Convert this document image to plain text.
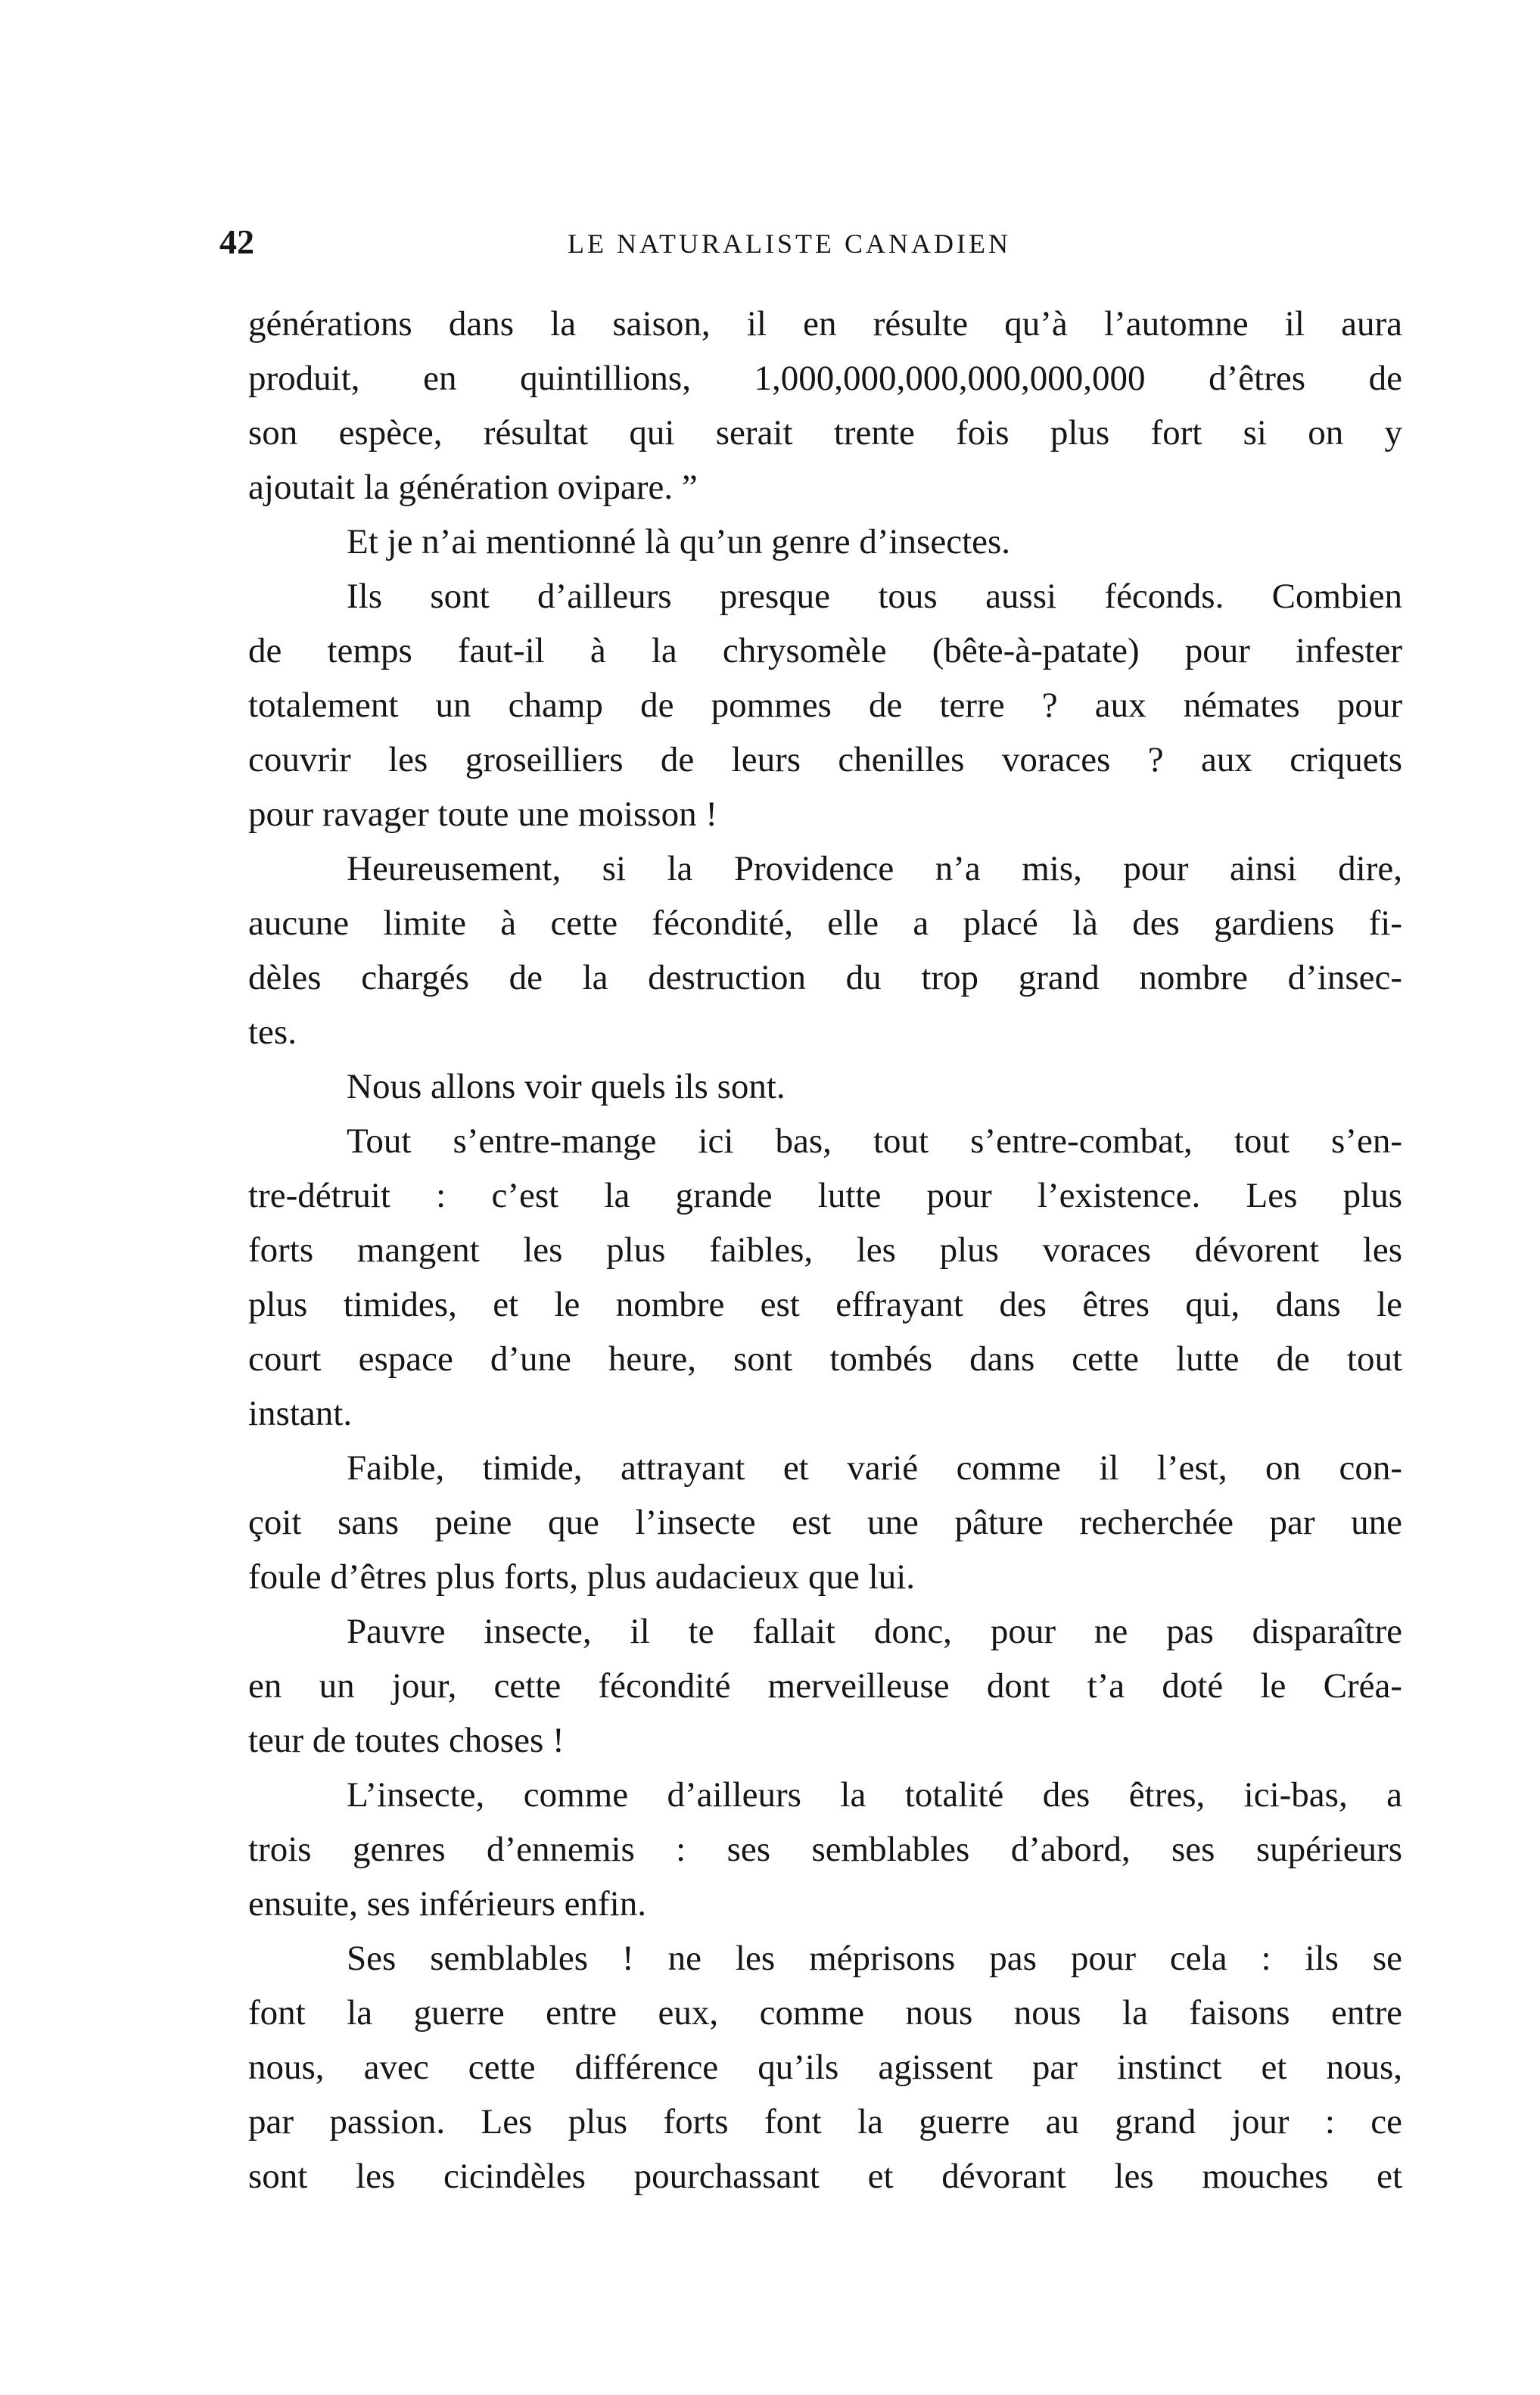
42	LE NATURALISTE CANADIEN
générations dans la saison, il en résulte qu’à l’automne il aura
produit, en quintillions, 1,000,000,000,000,000,000 d’êtres de
son espèce, résultat qui serait trente fois plus fort si on y
ajoutait la génération ovipare. ”
Et je n’ai mentionné là qu’un genre d’insectes.
Ils sont d’ailleurs presque tous aussi féconds. Combien
de temps faut-il à la chrysomèle (bête-à-patate) pour infester
totalement un champ de pommes de terre ? aux némates pour
couvrir les groseilliers de leurs chenilles voraces ? aux criquets
pour ravager toute une moisson !
Heureusement, si la Providence n’a mis, pour ainsi dire,
aucune limite à cette fécondité, elle a placé là des gardiens fi-
dèles chargés de la destruction du trop grand nombre d’insec-
tes.
Nous allons voir quels ils sont.
Tout s’entre-mange ici bas, tout s’entre-combat, tout s’en-
tre-détruit : c’est la grande lutte pour l’existence. Les plus
forts mangent les plus faibles, les plus voraces dévorent les
plus timides, et le nombre est effrayant des êtres qui, dans le
court espace d’une heure, sont tombés dans cette lutte de tout
instant.
Faible, timide, attrayant et varié comme il l’est, on con-
çoit sans peine que l’insecte est une pâture recherchée par une
foule d’êtres plus forts, plus audacieux que lui.
Pauvre insecte, il te fallait donc, pour ne pas disparaître
en un jour, cette fécondité merveilleuse dont t’a doté le Créa-
teur de toutes choses !
L’insecte, comme d’ailleurs la totalité des êtres, ici-bas, a
trois genres d’ennemis : ses semblables d’abord, ses supérieurs
ensuite, ses inférieurs enfin.
Ses semblables ! ne les méprisons pas pour cela : ils se
font la guerre entre eux, comme nous nous la faisons entre
nous, avec cette différence qu’ils agissent par instinct et nous,
par passion. Les plus forts font la guerre au grand jour : ce
sont les cicindèles pourchassant et dévorant les mouches et
